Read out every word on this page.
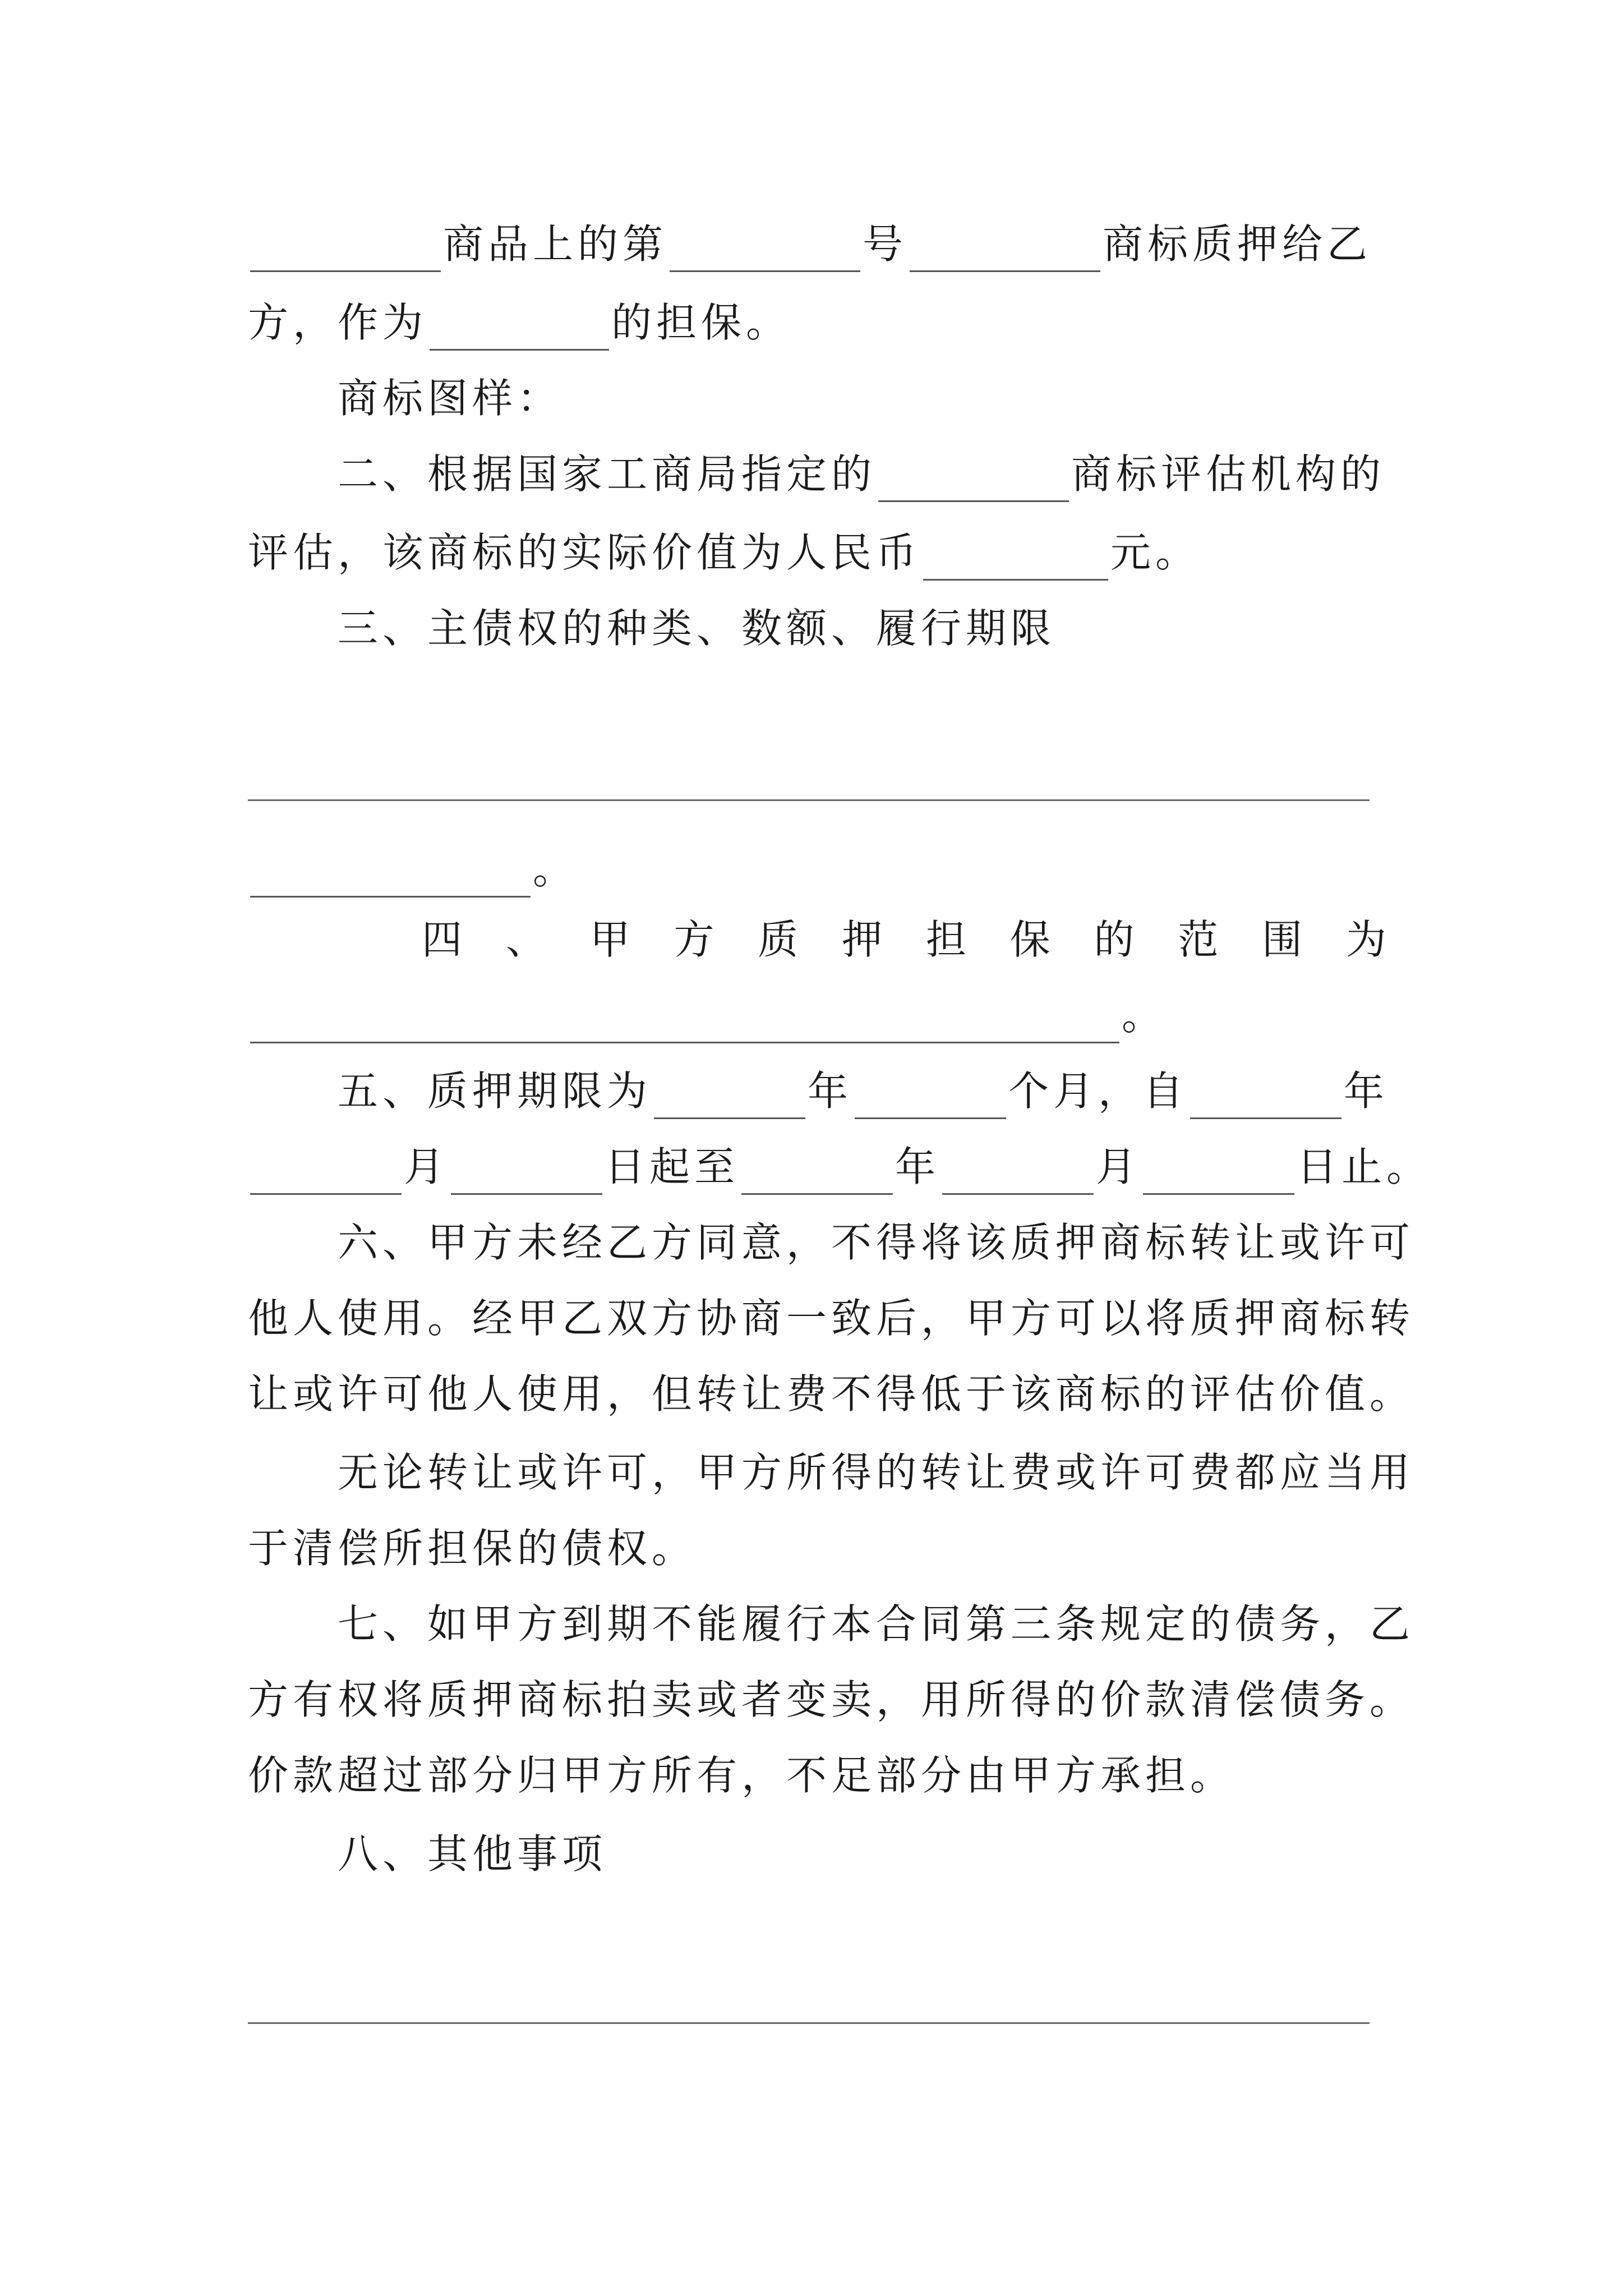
商品上的第	号	商标质押给乙
方，作为	的担保。
商标图样：
二、根据国家工商局指定的	商标评估机构的
评估，该商标的实际价值为人民币	元。
三、主债权的种类、数额、履行期限
。
四 、 甲 方 质 押 担 保 的 范 围 为
。
五、质押期限为	年	个月，自	年
月	日起至	年	月	日止。
六、甲方未经乙方同意，不得将该质押商标转让或许可
他人使用。经甲乙双方协商一致后，甲方可以将质押商标转
让或许可他人使用，但转让费不得低于该商标的评估价值。
无论转让或许可，甲方所得的转让费或许可费都应当用
于清偿所担保的债权。
七、如甲方到期不能履行本合同第三条规定的债务，乙
方有权将质押商标拍卖或者变卖，用所得的价款清偿债务。
价款超过部分归甲方所有，不足部分由甲方承担。
八、其他事项
